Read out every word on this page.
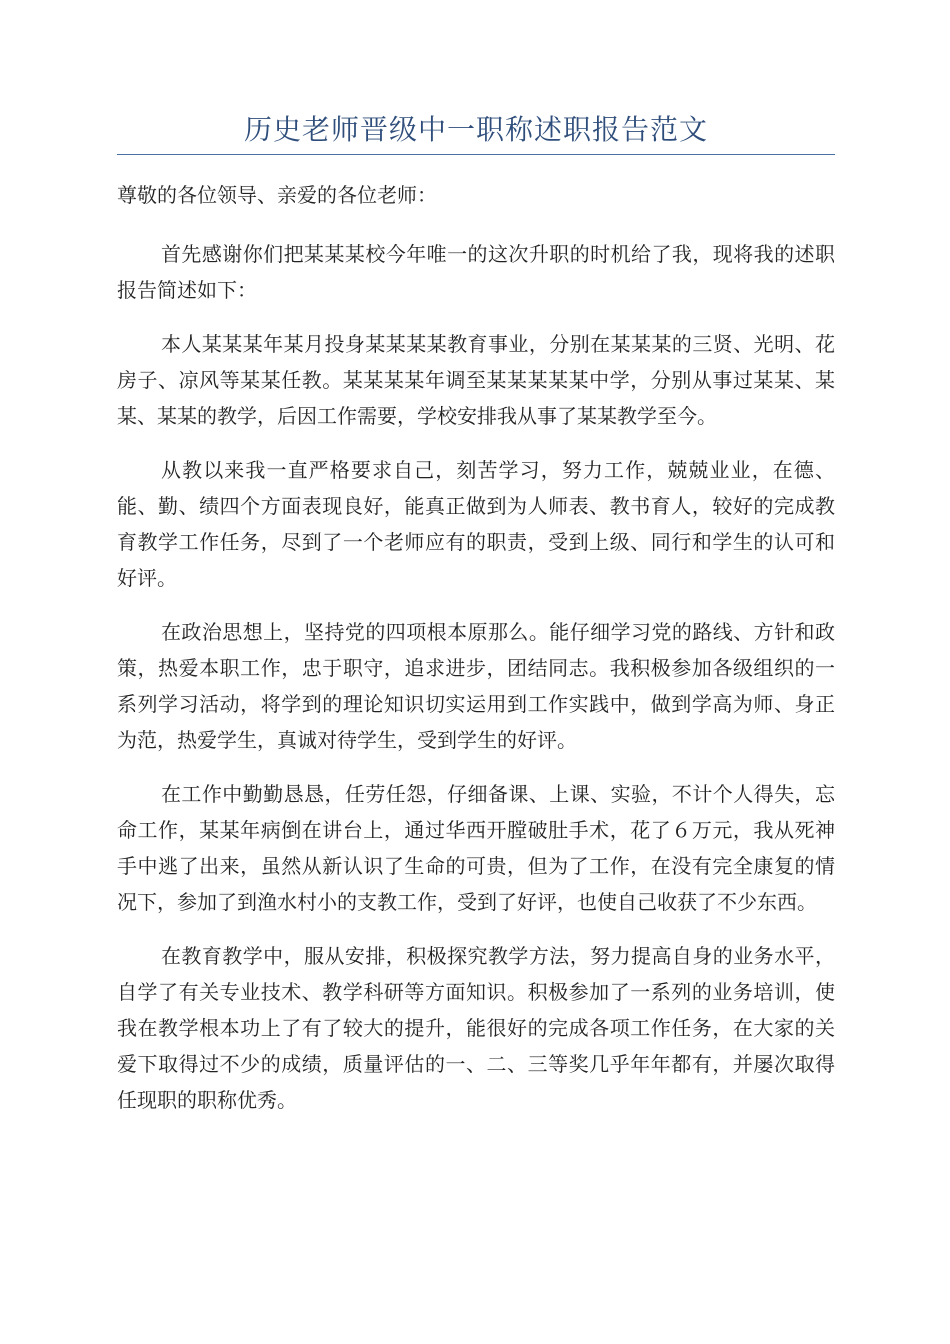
历史老师晋级中一职称述职报告范文

尊敬的各位领导、亲爱的各位老师：

首先感谢你们把某某某校今年唯一的这次升职的时机给了我，现将我的述职报告简述如下：

本人某某某年某月投身某某某某教育事业，分别在某某某的三贤、光明、花房子、凉风等某某任教。某某某某年调至某某某某某中学，分别从事过某某、某某、某某的教学，后因工作需要，学校安排我从事了某某教学至今。

从教以来我一直严格要求自己，刻苦学习，努力工作，兢兢业业，在德、能、勤、绩四个方面表现良好，能真正做到为人师表、教书育人，较好的完成教育教学工作任务，尽到了一个老师应有的职责，受到上级、同行和学生的认可和好评。

在政治思想上，坚持党的四项根本原那么。能仔细学习党的路线、方针和政策，热爱本职工作，忠于职守，追求进步，团结同志。我积极参加各级组织的一系列学习活动，将学到的理论知识切实运用到工作实践中，做到学高为师、身正为范，热爱学生，真诚对待学生，受到学生的好评。

在工作中勤勤恳恳，任劳任怨，仔细备课、上课、实验，不计个人得失，忘命工作，某某年病倒在讲台上，通过华西开膛破肚手术，花了６万元，我从死神手中逃了出来，虽然从新认识了生命的可贵，但为了工作，在没有完全康复的情况下，参加了到渔水村小的支教工作，受到了好评，也使自己收获了不少东西。

在教育教学中，服从安排，积极探究教学方法，努力提高自身的业务水平，自学了有关专业技术、教学科研等方面知识。积极参加了一系列的业务培训，使我在教学根本功上了有了较大的提升，能很好的完成各项工作任务，在大家的关爱下取得过不少的成绩，质量评估的一、二、三等奖几乎年年都有，并屡次取得任现职的职称优秀。
